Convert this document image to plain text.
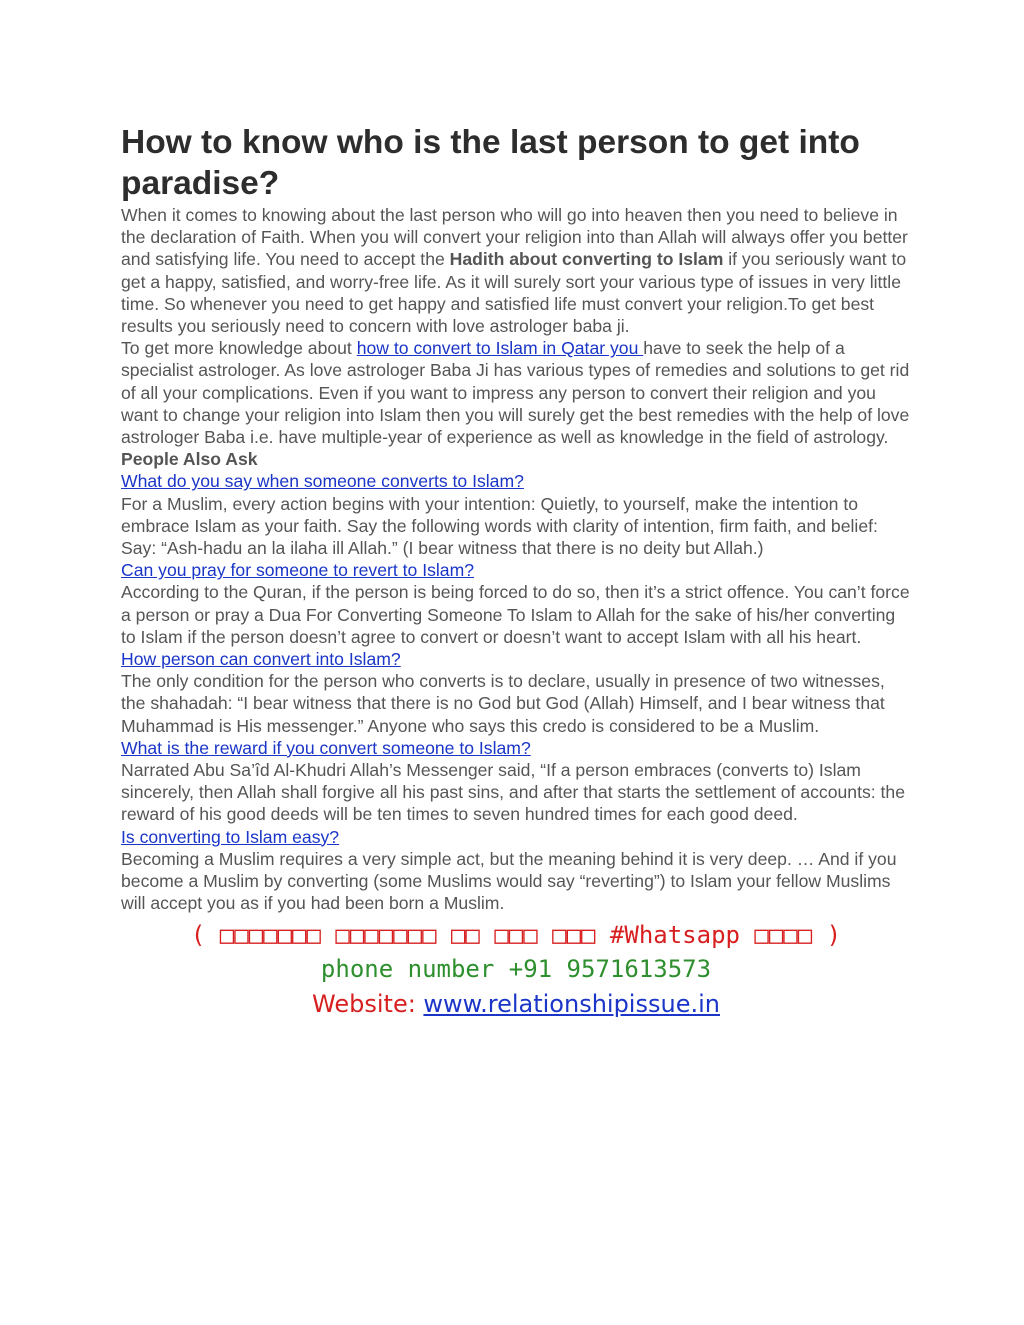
How to know who is the last person to get into paradise?

When it comes to knowing about the last person who will go into heaven then you need to believe in the declaration of Faith. When you will convert your religion into than Allah will always offer you better and satisfying life. You need to accept the Hadith about converting to Islam if you seriously want to get a happy, satisfied, and worry-free life. As it will surely sort your various type of issues in very little time. So whenever you need to get happy and satisfied life must convert your religion.To get best results you seriously need to concern with love astrologer baba ji.

To get more knowledge about how to convert to Islam in Qatar you have to seek the help of a specialist astrologer. As love astrologer Baba Ji has various types of remedies and solutions to get rid of all your complications. Even if you want to impress any person to convert their religion and you want to change your religion into Islam then you will surely get the best remedies with the help of love astrologer Baba i.e. have multiple-year of experience as well as knowledge in the field of astrology.

People Also Ask

What do you say when someone converts to Islam?

For a Muslim, every action begins with your intention: Quietly, to yourself, make the intention to embrace Islam as your faith. Say the following words with clarity of intention, firm faith, and belief: Say: “Ash-hadu an la ilaha ill Allah.” (I bear witness that there is no deity but Allah.)

Can you pray for someone to revert to Islam?

According to the Quran, if the person is being forced to do so, then it’s a strict offence. You can’t force a person or pray a Dua For Converting Someone To Islam to Allah for the sake of his/her converting to Islam if the person doesn’t agree to convert or doesn’t want to accept Islam with all his heart.

How person can convert into Islam?

The only condition for the person who converts is to declare, usually in presence of two witnesses, the shahadah: “I bear witness that there is no God but God (Allah) Himself, and I bear witness that Muhammad is His messenger.” Anyone who says this credo is considered to be a Muslim.

What is the reward if you convert someone to Islam?

Narrated Abu Sa’îd Al-Khudri Allah’s Messenger said, “If a person embraces (converts to) Islam sincerely, then Allah shall forgive all his past sins, and after that starts the settlement of accounts: the reward of his good deeds will be ten times to seven hundred times for each good deed.

Is converting to Islam easy?

Becoming a Muslim requires a very simple act, but the meaning behind it is very deep. … And if you become a Muslim by converting (some Muslims would say “reverting”) to Islam your fellow Muslims will accept you as if you had been born a Muslim.

( □□□□□□□ □□□□□□□ □□ □□□ □□□ #Whatsapp □□□□ )
phone number +91 9571613573
Website: www.relationshipissue.in
